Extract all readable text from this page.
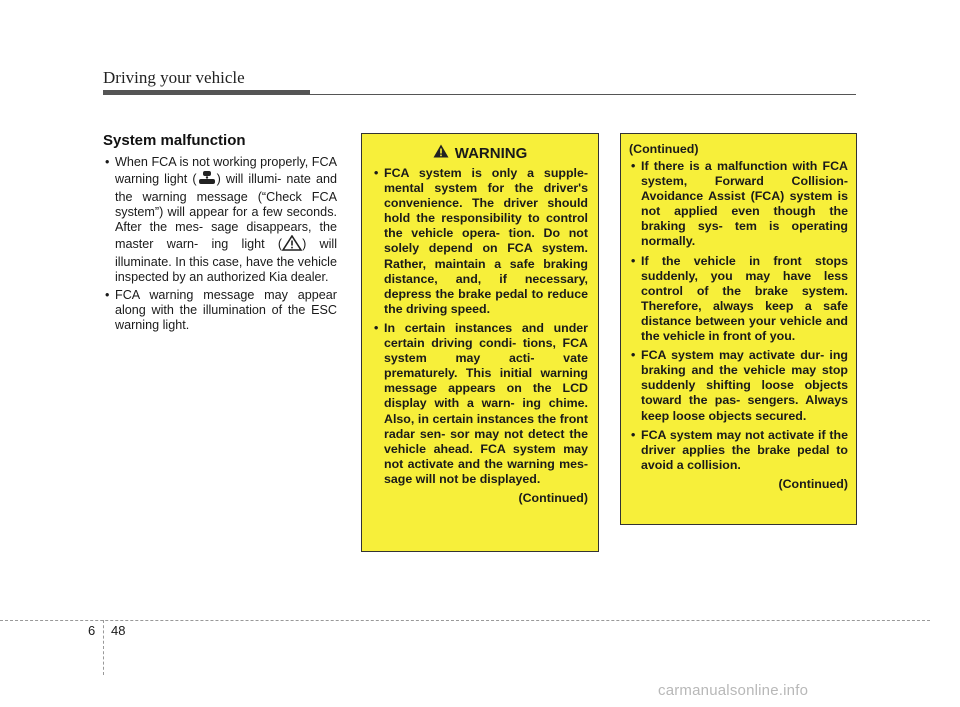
Driving your vehicle
System malfunction
• When FCA is not working properly, FCA warning light ( ) will illumi- nate and the warning message (“Check FCA system”) will appear for a few seconds. After the mes- sage disappears, the master warn- ing light ( ) will illuminate. In this case, have the vehicle inspected by an authorized Kia dealer.
• FCA warning message may appear along with the illumination of the ESC warning light.
WARNING
• FCA system is only a supple- mental system for the driver's convenience. The driver should hold the responsibility to control the vehicle opera- tion. Do not solely depend on FCA system. Rather, maintain a safe braking distance, and, if necessary, depress the brake pedal to reduce the driving speed.
• In certain instances and under certain driving condi- tions, FCA system may acti- vate prematurely. This initial warning message appears on the LCD display with a warn- ing chime. Also, in certain instances the front radar sen- sor may not detect the vehicle ahead. FCA system may not activate and the warning mes- sage will not be displayed.
(Continued)
(Continued)
• If there is a malfunction with FCA system, Forward Collision-Avoidance Assist (FCA) system is not applied even though the braking sys- tem is operating normally.
• If the vehicle in front stops suddenly, you may have less control of the brake system. Therefore, always keep a safe distance between your vehicle and the vehicle in front of you.
• FCA system may activate dur- ing braking and the vehicle may stop suddenly shifting loose objects toward the pas- sengers. Always keep loose objects secured.
• FCA system may not activate if the driver applies the brake pedal to avoid a collision.
(Continued)
6 48
carmanualsonline.info
